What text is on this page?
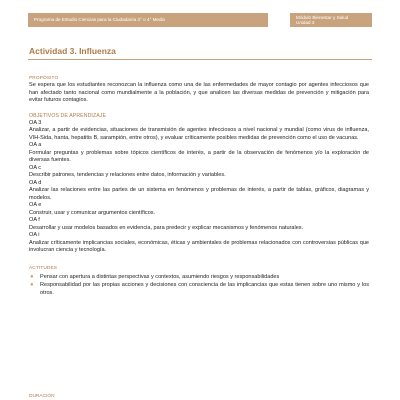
Programa de Estudio Ciencias para la Ciudadanía 3° o 4° Medio	Módulo Bienestar y Salud
Unidad 3
Actividad 3. Influenza
PROPÓSITO
Se espera que los estudiantes reconozcan la influenza como una de las enfermedades de mayor contagio por agentes infecciosos que han afectado tanto nacional como mundialmente a la población, y que analicen las diversas medidas de prevención y mitigación para evitar futuros contagios.
OBJETIVOS DE APRENDIZAJE
OA 3
Analizar, a partir de evidencias, situaciones de transmisión de agentes infecciosos a nivel nacional y mundial (como virus de influenza, VIH-Sida, hanta, hepatitis B, sarampión, entre otros), y evaluar críticamente posibles medidas de prevención como el uso de vacunas.
OA a
Formular preguntas y problemas sobre tópicos científicos de interés, a partir de la observación de fenómenos y/o la exploración de diversas fuentes.
OA c
Describir patrones, tendencias y relaciones entre datos, información y variables.
OA d
Analizar las relaciones entre las partes de un sistema en fenómenos y problemas de interés, a partir de tablas, gráficos, diagramas y modelos.
OA e
Construir, usar y comunicar argumentos científicos.
OA f
Desarrollar y usar modelos basados en evidencia, para predecir y explicar mecanismos y fenómenos naturales.
OA i
Analizar críticamente implicancias sociales, económicas, éticas y ambientales de problemas relacionados con controversias públicas que involucran ciencia y tecnología.
ACTITUDES
● Pensar con apertura a distintas perspectivas y contextos, asumiendo riesgos y responsabilidades
● Responsabilidad por las propias acciones y decisiones con consciencia de las implicancias que estas tienen sobre uno mismo y los otros.
DURACIÓN
